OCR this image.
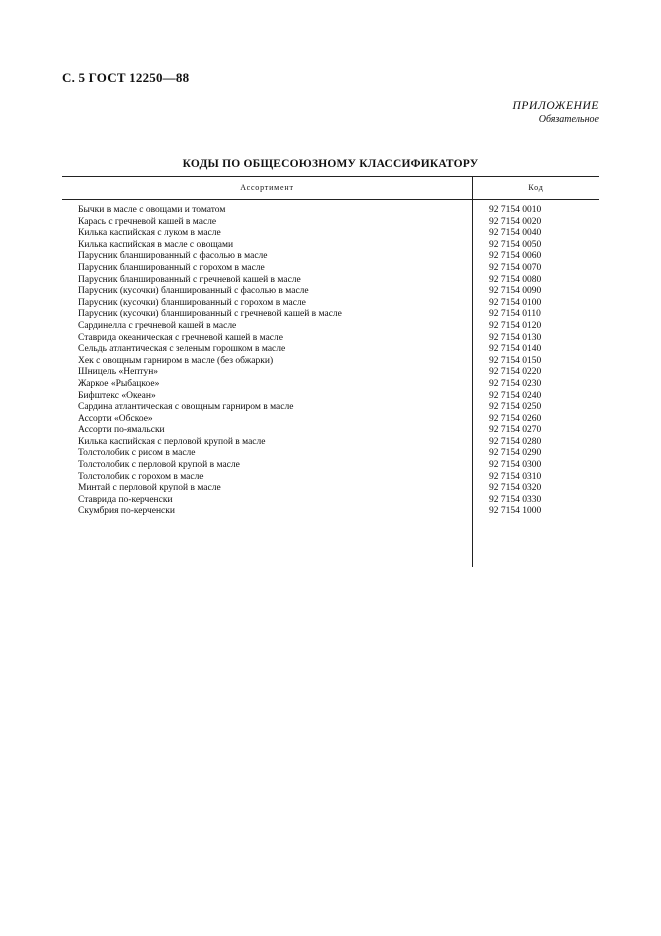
С. 5 ГОСТ 12250—88
ПРИЛОЖЕНИЕ
Обязательное
КОДЫ ПО ОБЩЕСОЮЗНОМУ КЛАССИФИКАТОРУ
Ассортимент	Код
Бычки в масле с овощами и томатом
Карась с гречневой кашей в масле
Килька каспийская с луком в масле
Килька каспийская в масле с овощами
Парусник бланшированный с фасолью в масле
Парусник бланшированный с горохом в масле
Парусник бланшированный с гречневой кашей в масле
Парусник (кусочки) бланшированный с фасолью в масле
Парусник (кусочки) бланшированный с горохом в масле
Парусник (кусочки) бланшированный с гречневой кашей в масле
Сардинелла с гречневой кашей в масле
Ставрида океаническая с гречневой кашей в масле
Сельдь атлантическая с зеленым горошком в масле
Хек с овощным гарниром в масле (без обжарки)
Шницель «Нептун»
Жаркое «Рыбацкое»
Бифштекс «Океан»
Сардина атлантическая с овощным гарниром в масле
Ассорти «Обское»
Ассорти по-ямальски
Килька каспийская с перловой крупой в масле
Толстолобик с рисом в масле
Толстолобик с перловой крупой в масле
Толстолобик с горохом в масле
Минтай с перловой крупой в масле
Ставрида по-керченски
Скумбрия по-керченски
92 7154 0010
92 7154 0020
92 7154 0040
92 7154 0050
92 7154 0060
92 7154 0070
92 7154 0080
92 7154 0090
92 7154 0100
92 7154 0110
92 7154 0120
92 7154 0130
92 7154 0140
92 7154 0150
92 7154 0220
92 7154 0230
92 7154 0240
92 7154 0250
92 7154 0260
92 7154 0270
92 7154 0280
92 7154 0290
92 7154 0300
92 7154 0310
92 7154 0320
92 7154 0330
92 7154 1000
